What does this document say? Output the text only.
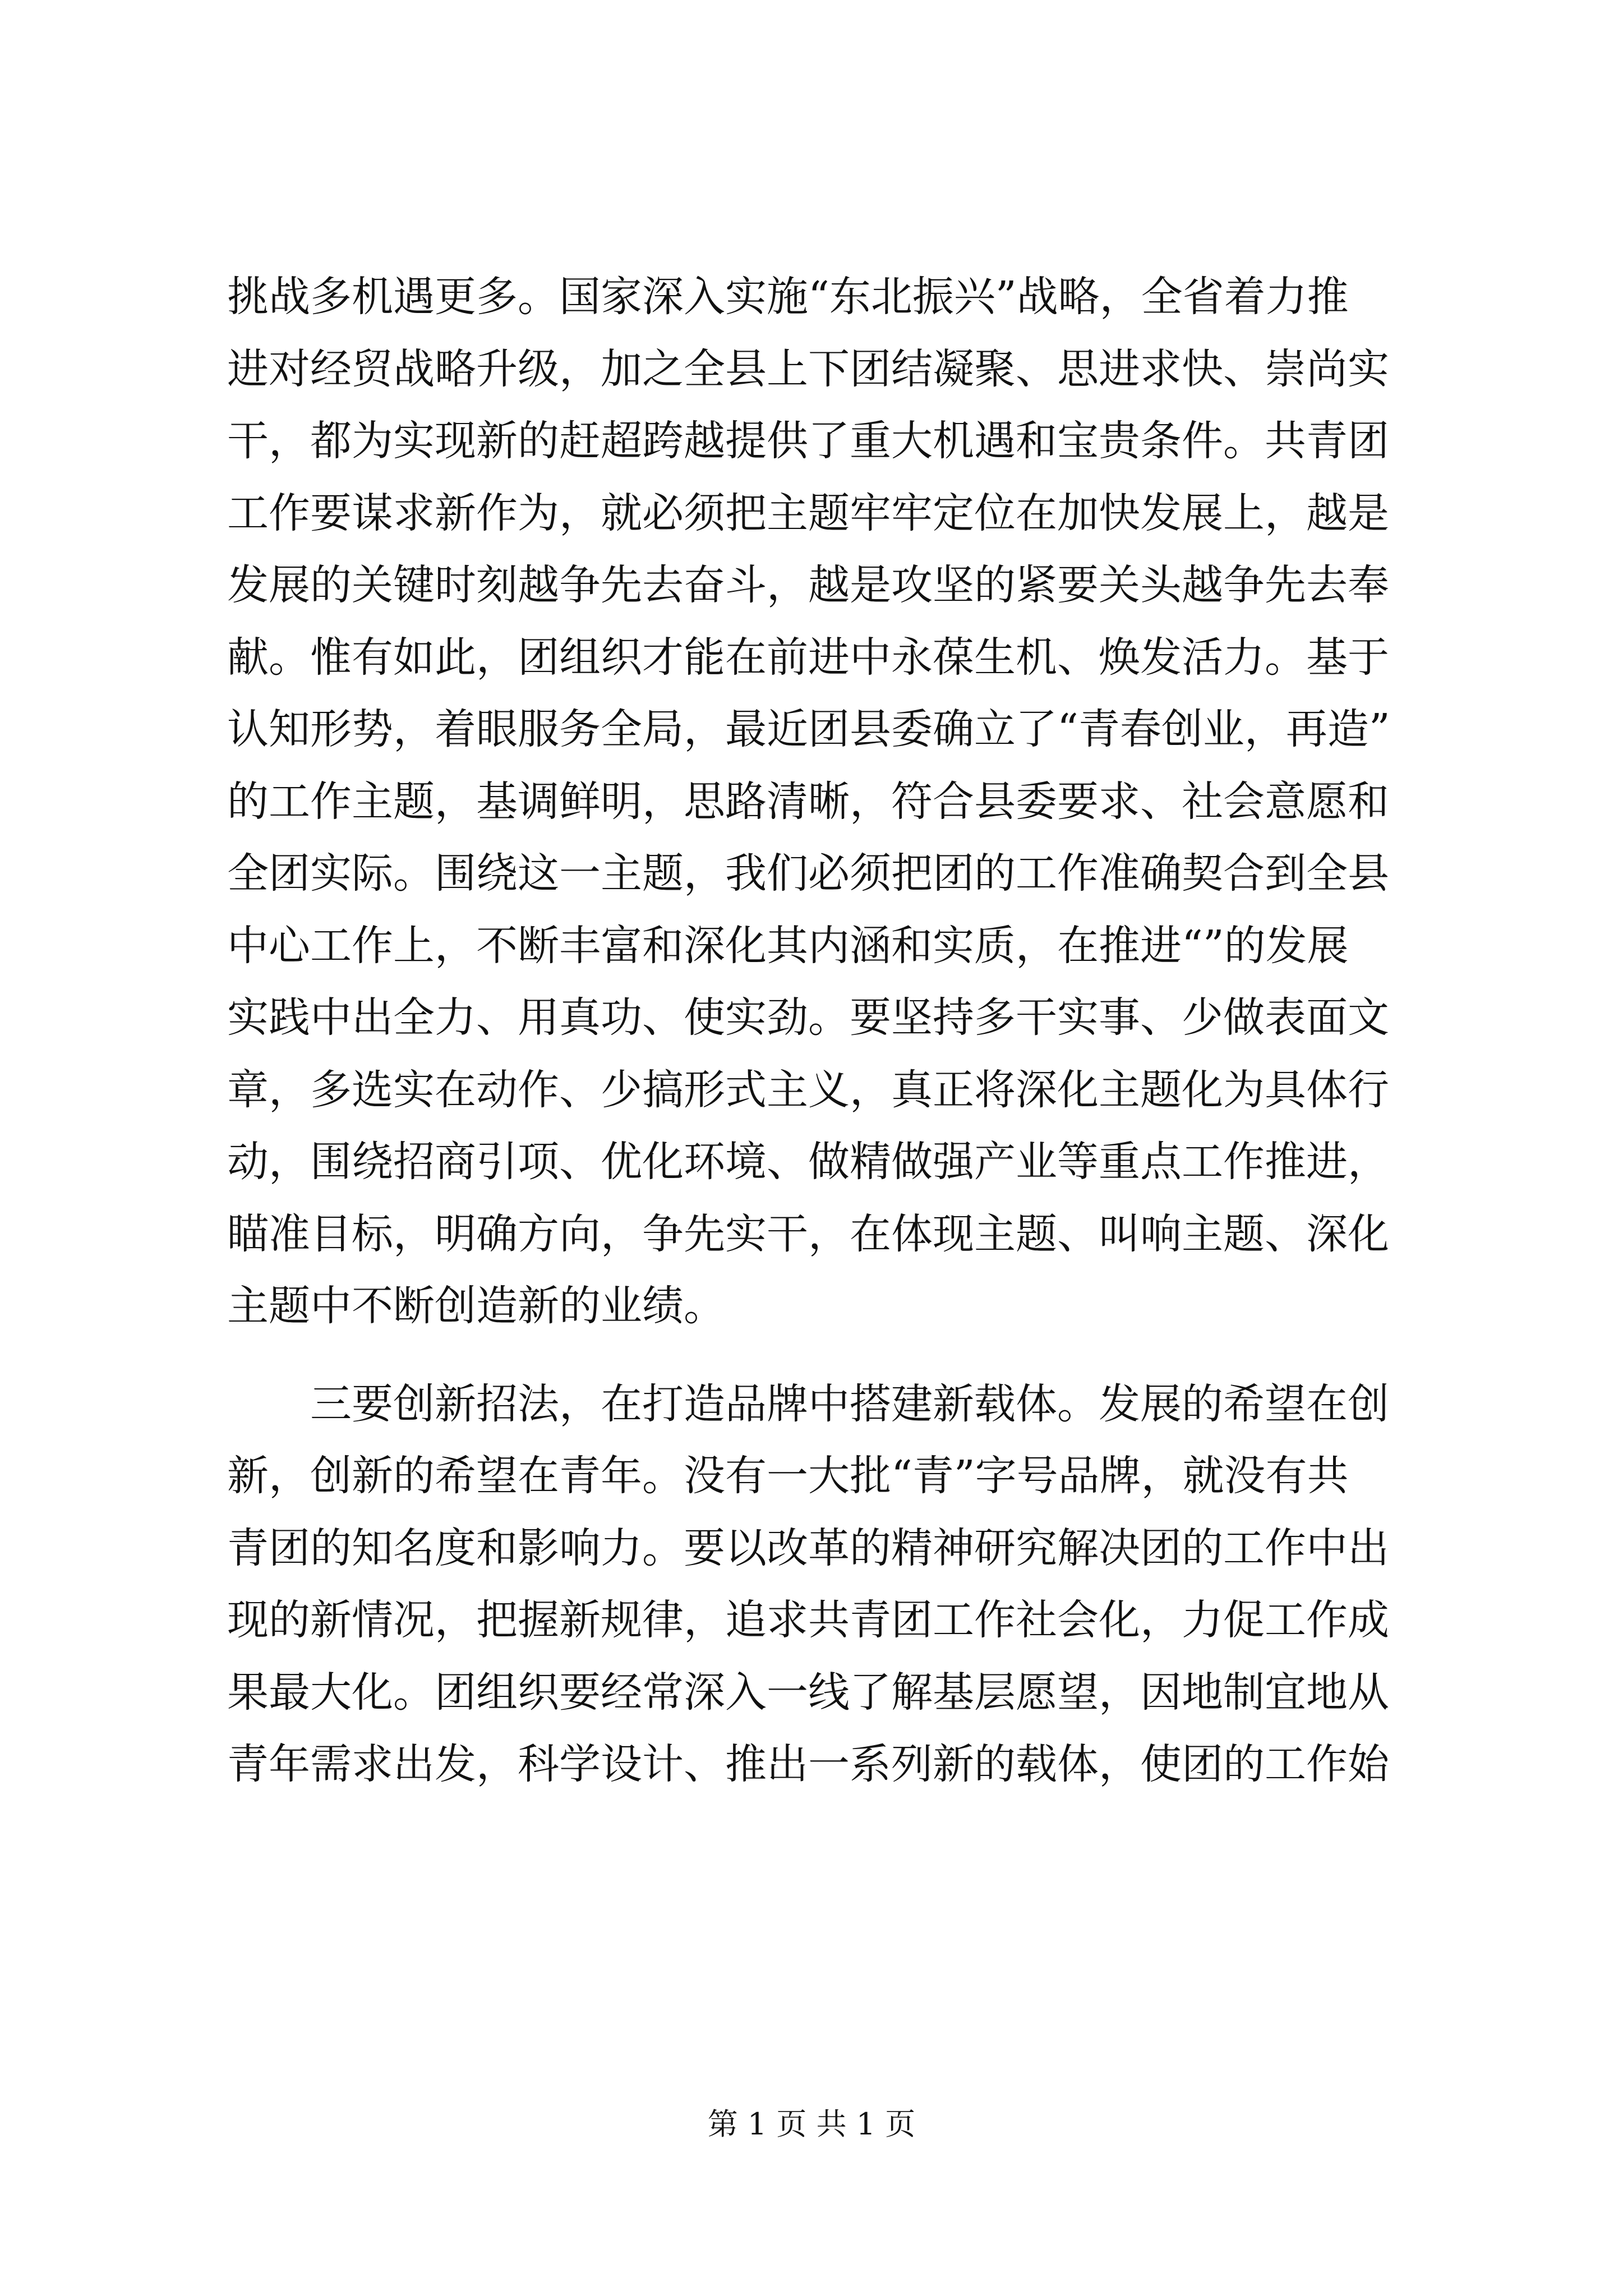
挑战多机遇更多。国家深入实施“东北振兴”战略，全省着力推
进对经贸战略升级，加之全县上下团结凝聚、思进求快、崇尚实
干，都为实现新的赶超跨越提供了重大机遇和宝贵条件。共青团
工作要谋求新作为，就必须把主题牢牢定位在加快发展上，越是
发展的关键时刻越争先去奋斗，越是攻坚的紧要关头越争先去奉
献。惟有如此，团组织才能在前进中永葆生机、焕发活力。基于
认知形势，着眼服务全局，最近团县委确立了“青春创业，再造”
的工作主题，基调鲜明，思路清晰，符合县委要求、社会意愿和
全团实际。围绕这一主题，我们必须把团的工作准确契合到全县
中心工作上，不断丰富和深化其内涵和实质，在推进“”的发展
实践中出全力、用真功、使实劲。要坚持多干实事、少做表面文
章，多选实在动作、少搞形式主义，真正将深化主题化为具体行
动，围绕招商引项、优化环境、做精做强产业等重点工作推进，
瞄准目标，明确方向，争先实干，在体现主题、叫响主题、深化
主题中不断创造新的业绩。
　　三要创新招法，在打造品牌中搭建新载体。发展的希望在创
新，创新的希望在青年。没有一大批“青”字号品牌，就没有共
青团的知名度和影响力。要以改革的精神研究解决团的工作中出
现的新情况，把握新规律，追求共青团工作社会化，力促工作成
果最大化。团组织要经常深入一线了解基层愿望，因地制宜地从
青年需求出发，科学设计、推出一系列新的载体，使团的工作始
第 1 页 共 1 页
